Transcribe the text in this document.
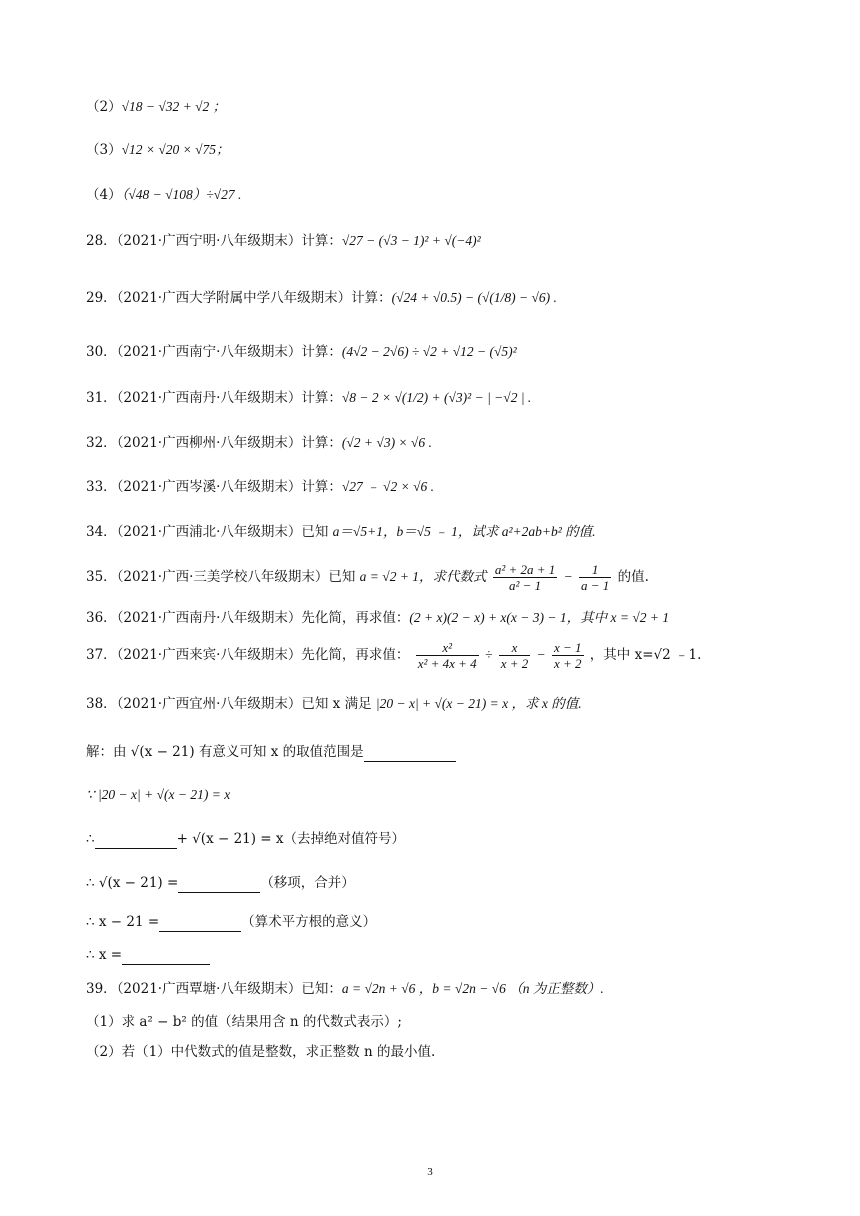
（2）√18 − √32 + √2 ；
（3）√12 × √20 × √75；
（4）（√48 − √108）÷√27 .
28．（2021·广西宁明·八年级期末）计算：√27 − (√3 − 1)² + √(−4)²
29．（2021·广西大学附属中学八年级期末）计算：(√24 + √0.5) − (√(1/8) − √6) .
30．（2021·广西南宁·八年级期末）计算：(4√2 − 2√6) ÷ √2 + √12 − (√5)²
31．（2021·广西南丹·八年级期末）计算：√8 − 2 × √(1/2) + (√3)² − | −√2 | .
32．（2021·广西柳州·八年级期末）计算：(√2 + √3) × √6 .
33．（2021·广西岑溪·八年级期末）计算：√27 ﹣ √2 × √6 .
34．（2021·广西浦北·八年级期末）已知 a＝√5+1，b＝√5 ﹣ 1，试求 a²+2ab+b² 的值.
35．（2021·广西·三美学校八年级期末）已知 a = √2 + 1，求代数式 $\frac{\text{a² + 2a + 1}}{\text{a² − 1}} - \frac{1}{a - 1}$ 的值.
36．（2021·广西南丹·八年级期末）先化简，再求值：(2 + x)(2 − x) + x(x − 3) − 1，其中 x = √2 + 1
37．（2021·广西来宾·八年级期末）先化简，再求值： $\frac{\text{x²}}{\text{x² + 4x + 4}} \div \frac{x}{x + 2} - \frac{x - 1}{x + 2}$ ，其中 x=√2 ﹣1.
38．（2021·广西宜州·八年级期末）已知 x 满足 |20 − x| + √(x − 21) = x ，求 x 的值.
解：由 √(x − 21) 有意义可知 x 的取值范围是
∵ |20 − x| + √(x − 21) = x
∴	+ √(x − 21) = x（去掉绝对值符号）
∴ √(x − 21) =	（移项，合并）
∴ x − 21 =	（算术平方根的意义）
∴ x =
39．（2021·广西覃塘·八年级期末）已知：a = √2n + √6 ，b = √2n − √6 （n 为正整数）.
（1）求 a² − b² 的值（结果用含 n 的代数式表示）;
（2）若（1）中代数式的值是整数，求正整数 n 的最小值.
3
